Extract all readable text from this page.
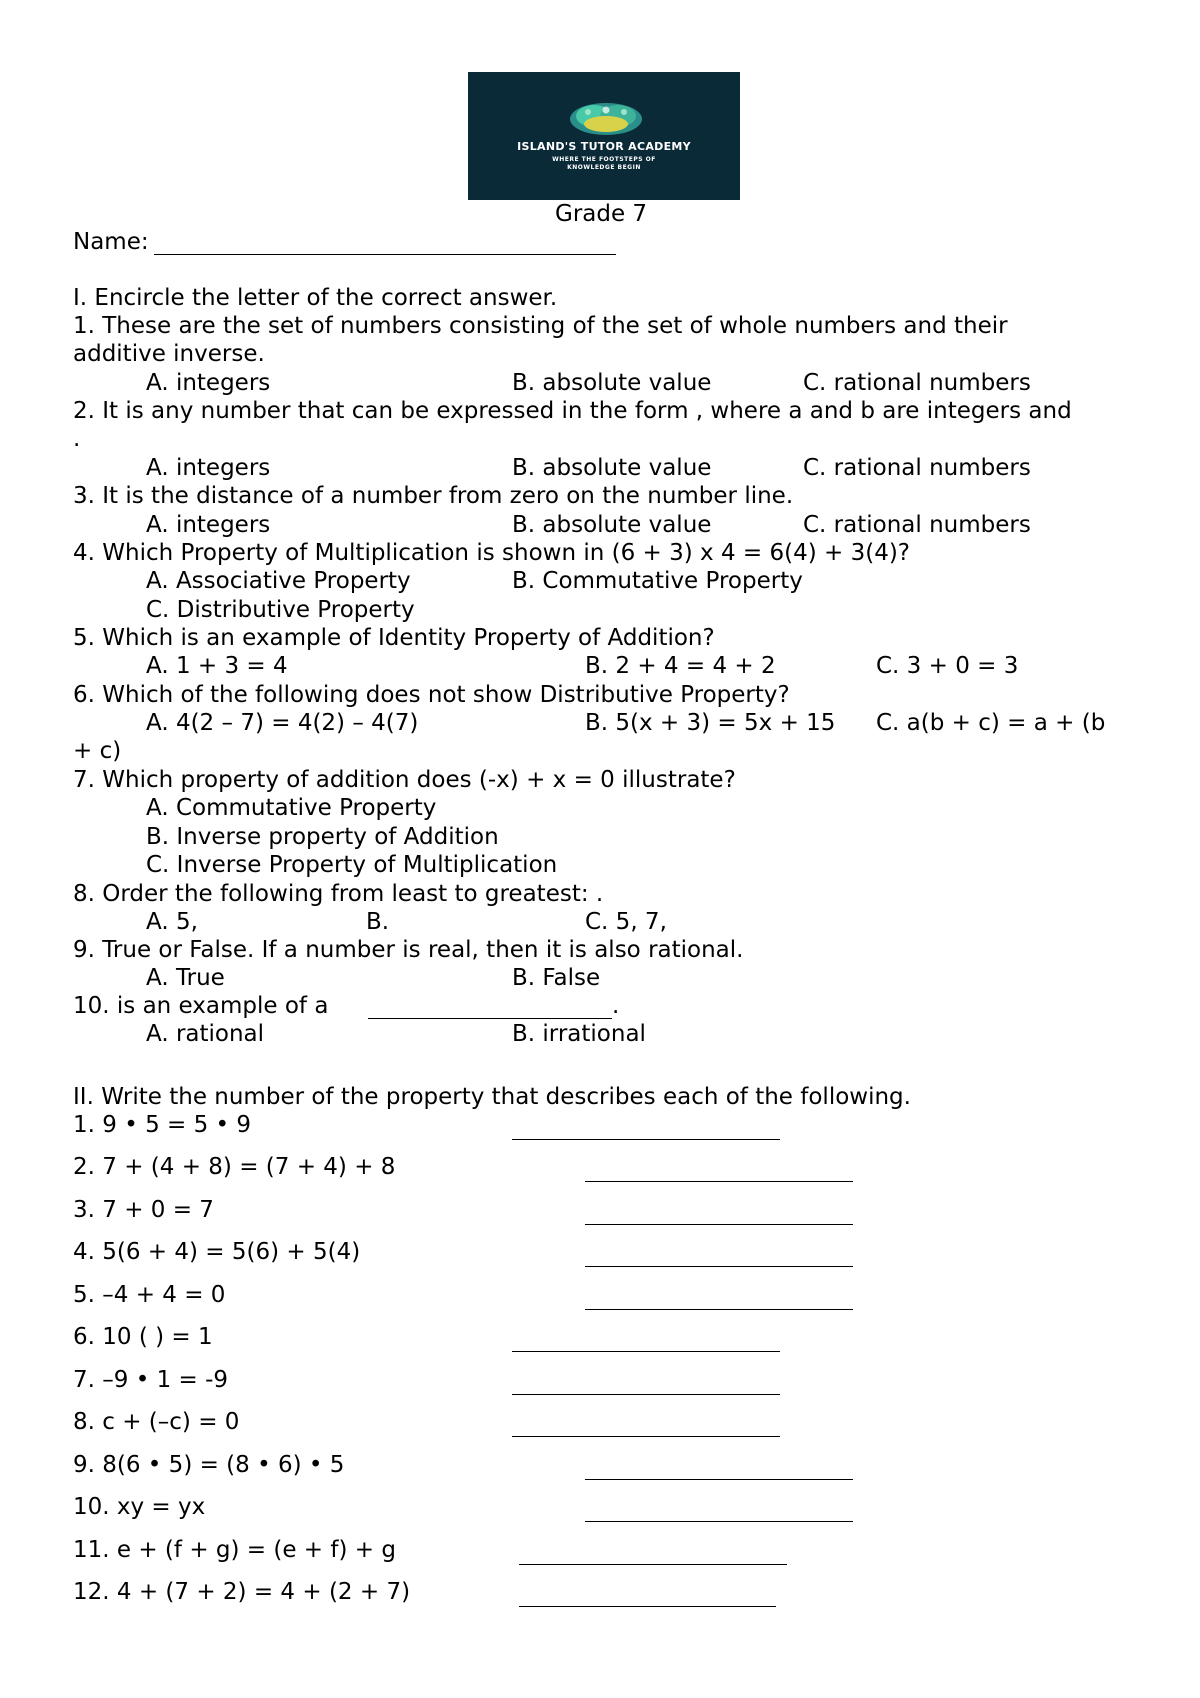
ISLAND'S TUTOR ACADEMY
WHERE THE FOOTSTEPS OF
KNOWLEDGE BEGIN
Grade 7
Name:
I. Encircle the letter of the correct answer.
1. These are the set of numbers consisting of the set of whole numbers and their
additive inverse.
A. integers	B. absolute value	C. rational numbers
2. It is any number that can be expressed in the form , where a and b are integers and
.
A. integers	B. absolute value	C. rational numbers
3. It is the distance of a number from zero on the number line.
A. integers	B. absolute value	C. rational numbers
4. Which Property of Multiplication is shown in (6 + 3) x 4 = 6(4) + 3(4)?
A. Associative Property	B. Commutative Property
C. Distributive Property
5. Which is an example of Identity Property of Addition?
A. 1 + 3 = 4	B. 2 + 4 = 4 + 2	C. 3 + 0 = 3
6. Which of the following does not show Distributive Property?
A. 4(2 – 7) = 4(2) – 4(7)	B. 5(x + 3) = 5x + 15 C. a(b + c) = a + (b
+ c)
7. Which property of addition does (-x) + x = 0 illustrate?
A. Commutative Property
B. Inverse property of Addition
C. Inverse Property of Multiplication
8. Order the following from least to greatest: .
A. 5,	B.	C. 5, 7,
9. True or False. If a number is real, then it is also rational.
A. True	B. False
10. is an example of a	.
A. rational	B. irrational
II. Write the number of the property that describes each of the following.
1. 9 • 5 = 5 • 9
2. 7 + (4 + 8) = (7 + 4) + 8
3. 7 + 0 = 7
4. 5(6 + 4) = 5(6) + 5(4)
5. –4 + 4 = 0
6. 10 ( ) = 1
7. –9 • 1 = -9
8. c + (–c) = 0
9. 8(6 • 5) = (8 • 6) • 5
10. xy = yx
11. e + (f + g) = (e + f) + g
12. 4 + (7 + 2) = 4 + (2 + 7)
